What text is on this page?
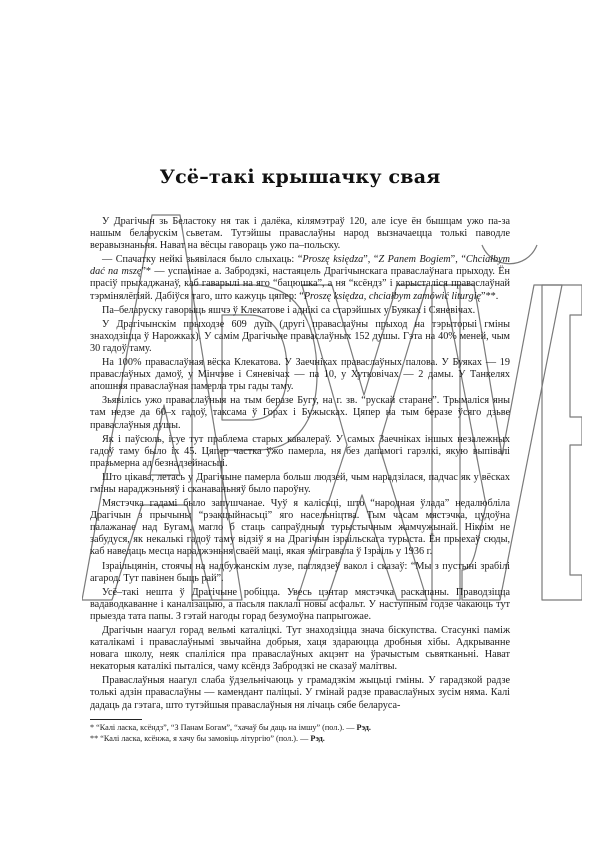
Усё–такі крышачку свая

У Драгічын зь Беластоку ня так і далёка, кілямэтраў 120, але ісуе ён бышцам ужо па-за нашым беларускім сьветам. Тутэйшы праваслаўны народ вызначаецца толькі паводле веравызнаньня. Нават на вёсцы гавораць ужо па–польску.

— Спачатку нейкі зьявілася было слыхаць: “Proszę księdza”, “Z Panem Bogiem”, “Chciałbym dać na mszę”* — успамінае а. Забродзкі, настаяцель Драгічынскага праваслаўнага прыходу. Ён прасіў прыхаджанаў, каб гаварылі на яго “бацюшка”, а ня “ксёндз” і карысталіся праваслаўнай тэрмінялёгіяй. Дабіўся таго, што кажуць цяпер: “Proszę księdza, chciałbym zamówić liturgię”**.

Па–беларуску гаворыць яшчэ ў Клекатове і аднікі са старэйшых у Буяках і Сяневічах.

У Драгічынскім прыходзе 609 душ (другі праваслаўны прыход на тэрыторыі гміны знаходзіцца ў Нарожках). У самім Драгічыне праваслаўных 152 душы. Гэта на 40% меней, чым 30 гадоў таму.

На 100% праваслаўная вёска Клекатова. У Заечніках праваслаўных палова. У Буяках — 19 праваслаўных дамоў, у Мінчэве і Сяневічах — па 10, у Хутковічах — 2 дамы. У Танкелях апошняя праваслаўная памерла тры гады таму.

Зьявілісь ужо праваслаўныя на тым беразе Бугу, на г. зв. “рускай старане”. Трымаліся яны там недзе да 60–х гадоў, таксама ў Горах і Бужысках. Цяпер на тым беразе ўсяго дзьве праваслаўныя душы.

Як і паўсюль, ісуе тут праблема старых кавалераў. У самых Заечніках іншых незалежных гадоў таму было іх 45. Цяпер частка ўжо памерла, ня без дапамогі гарэлкі, якую выпівалі празьмерна ад безнадзейнасьці.

Што цікава, летась у Драгічыне памерла больш людзей, чым нарадзілася, падчас як у вёсках гміны нараджэньняў і сканаваньняў было пароўну.

Мястэчка гадамі было запушчанае. Чуў я калісьці, што “народная ўлада” недалюбліла Драгічын з прычыны “рэакцыйнасьці” яго насельніцтва. Тым часам мястэчка, цудоўна палажанае над Бугам, магло б стаць сапраўдным турыстычным жамчужынай. Нікоім не забудуся, як некалькі гадоў таму відзіў я на Драгічын ізраільскага турыста. Ён прыехаў сюды, каб наведаць месца нараджэньня сваёй маці, якая эмігравала ў Ізраіль у 1936 г.

Ізраільцянін, стоячы на надбужанскім лузе, паглядзеў вакол і сказаў: “Мы з пустыні зрабілі агарод. Тут павінен быць рай”.

Усё–такі нешта ў Драгічыне робіцца. Увесь цэнтар мястэчка раскапаны. Праводзіцца вадаводкаванне і каналізацыю, а пасьля паклалі новы асфальт. У наступным годзе чакаюць тут прыезда тата папы. З гэтай нагоды горад безумоўна папрыгожае.

Драгічын наагул горад вельмі каталіцкі. Тут знаходзіцца знача біскупства. Стасункі паміж каталікамі і праваслаўнымі звычайна добрыя, хаця здараюцца дробныя хібы. Адкрыванне новага школу, неяк спаліліся пра праваслаўных акцэнт на ўрачыстым сьвятканьні. Нават некаторыя каталікі пыталіся, чаму ксёндз Забродзкі не сказаў малітвы.

Праваслаўныя наагул слаба ўдзельнічаюць у грамадзкім жыцьці гміны. У гарадзкой радзе толькі адзін праваслаўны — камендант паліцыі. У гмінай радзе праваслаўных зусім няма. Калі дадаць да гэтага, што тутэйшыя праваслаўныя ня лічаць сябе беларуса-

* “Калі ласка, ксёндз”, “З Панам Богам”, “хачаў бы даць на імшу” (пол.). — Рэд.
** “Калі ласка, ксёнжа, я хачу бы замовіць літургію” (пол.). — Рэд.
